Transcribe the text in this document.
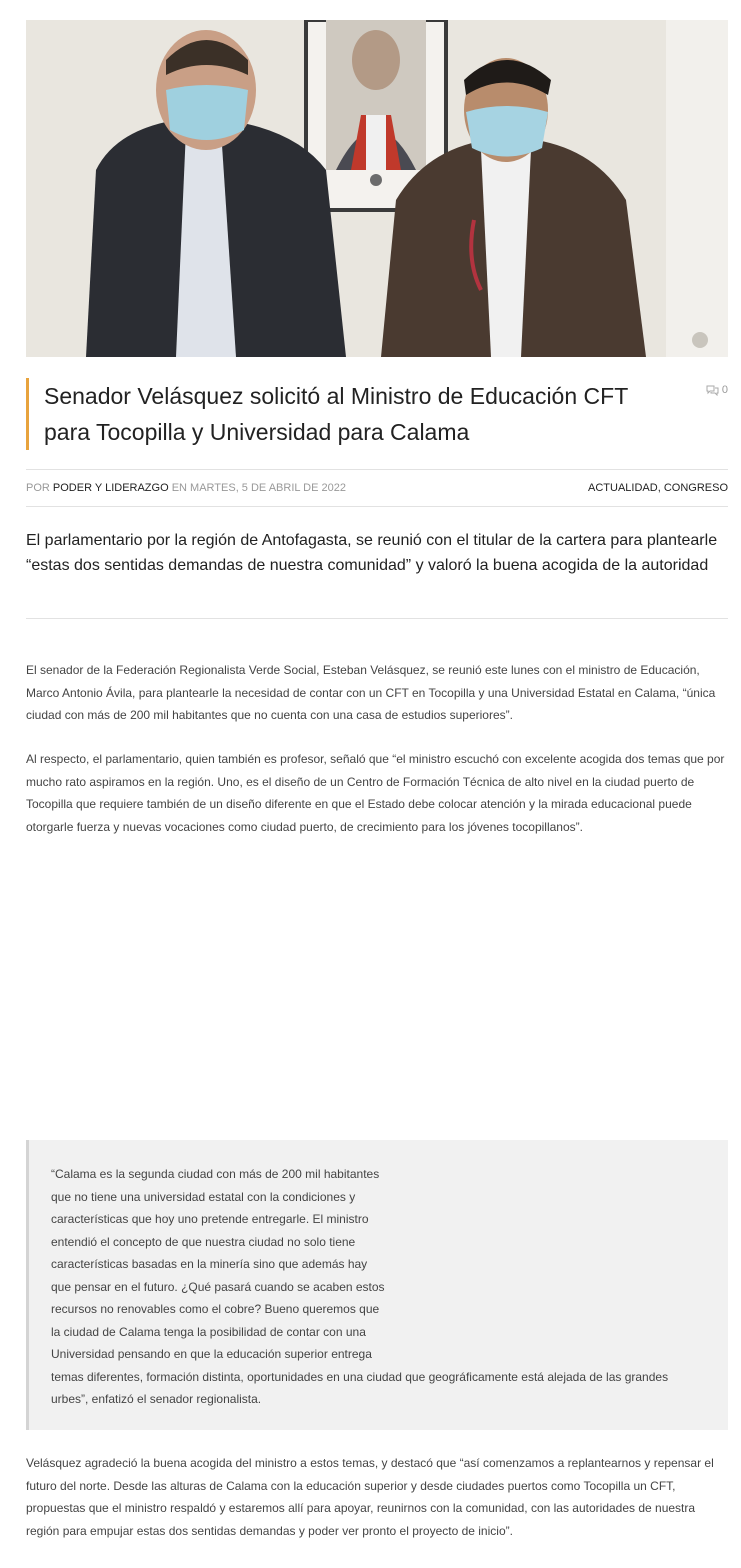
Senador Velásquez solicitó al Ministro de Educación CFT
para Tocopilla y Universidad para Calama
0
POR PODER Y LIDERAZGO EN MARTES, 5 DE ABRIL DE 2022	ACTUALIDAD, CONGRESO

El parlamentario por la región de Antofagasta, se reunió con el titular de la cartera para plantearle “estas dos sentidas demandas de nuestra comunidad” y valoró la buena acogida de la autoridad

El senador de la Federación Regionalista Verde Social, Esteban Velásquez, se reunió este lunes con el ministro de Educación, Marco Antonio Ávila, para plantearle la necesidad de contar con un CFT en Tocopilla y una Universidad Estatal en Calama, “única ciudad con más de 200 mil habitantes que no cuenta con una casa de estudios superiores”.

Al respecto, el parlamentario, quien también es profesor, señaló que “el ministro escuchó con excelente acogida dos temas que por mucho rato aspiramos en la región. Uno, es el diseño de un Centro de Formación Técnica de alto nivel en la ciudad puerto de Tocopilla que requiere también de un diseño diferente en que el Estado debe colocar atención y la mirada educacional puede otorgarle fuerza y nuevas vocaciones como ciudad puerto, de crecimiento para los jóvenes tocopillanos”.

“Calama es la segunda ciudad con más de 200 mil habitantes
que no tiene una universidad estatal con la condiciones y
características que hoy uno pretende entregarle. El ministro
entendió el concepto de que nuestra ciudad no solo tiene
características basadas en la minería sino que además hay
que pensar en el futuro. ¿Qué pasará cuando se acaben estos
recursos no renovables como el cobre? Bueno queremos que
la ciudad de Calama tenga la posibilidad de contar con una
Universidad pensando en que la educación superior entrega
temas diferentes, formación distinta, oportunidades en una ciudad que geográficamente está alejada de las grandes
urbes”, enfatizó el senador regionalista.

Velásquez agradeció la buena acogida del ministro a estos temas, y destacó que “así comenzamos a replantearnos y repensar el futuro del norte. Desde las alturas de Calama con la educación superior y desde ciudades puertos como Tocopilla un CFT, propuestas que el ministro respaldó y estaremos allí para apoyar, reunirnos con la comunidad, con las autoridades de nuestra región para empujar estas dos sentidas demandas y poder ver pronto el proyecto de inicio”.
